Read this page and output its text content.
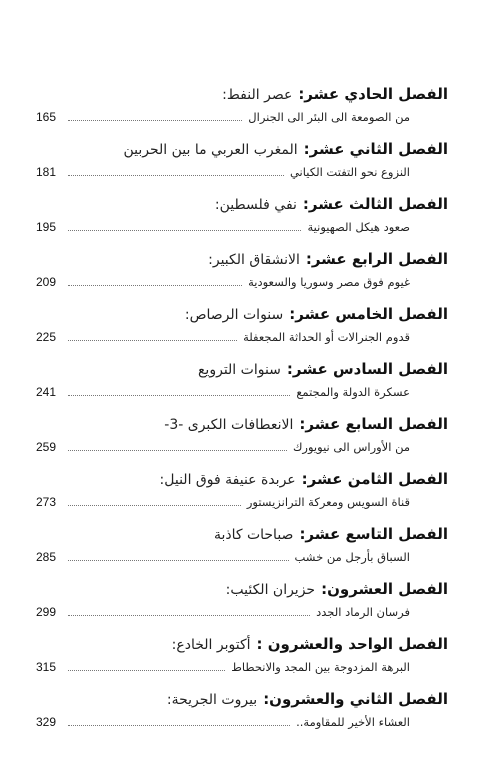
الفصل الحادي عشر:
عصر النفط:
من الصومعة الى البئر الى الجنرال
165
الفصل الثاني عشر:
المغرب العربي ما بين الحربين
النزوع نحو التفتت الكياني
181
الفصل الثالث عشر:
نفي فلسطين:
صعود هيكل الصهيونية
195
الفصل الرابع عشر:
الانشقاق الكبير:
غيوم فوق مصر وسوريا والسعودية
209
الفصل الخامس عشر:
سنوات الرصاص:
قدوم الجنرالات أو الحداثة المجعفلة
225
الفصل السادس عشر:
سنوات الترويع
عسكرة الدولة والمجتمع
241
الفصل السابع عشر:
الانعطافات الكبرى -3-
من الأوراس الى نيويورك
259
الفصل الثامن عشر:
عربدة عنيفة فوق النيل:
قناة السويس ومعركة الترانزيستور
273
الفصل التاسع عشر:
صباحات كاذبة
السباق بأرجل من خشب
285
الفصل العشرون:
حزيران الكئيب:
فرسان الرماد الجدد
299
الفصل الواحد والعشرون :
أكتوبر الخادع:
البرهة المزدوجة بين المجد والانحطاط
315
الفصل الثاني والعشرون:
بيروت الجريحة:
العشاء الأخير للمقاومة..
329
